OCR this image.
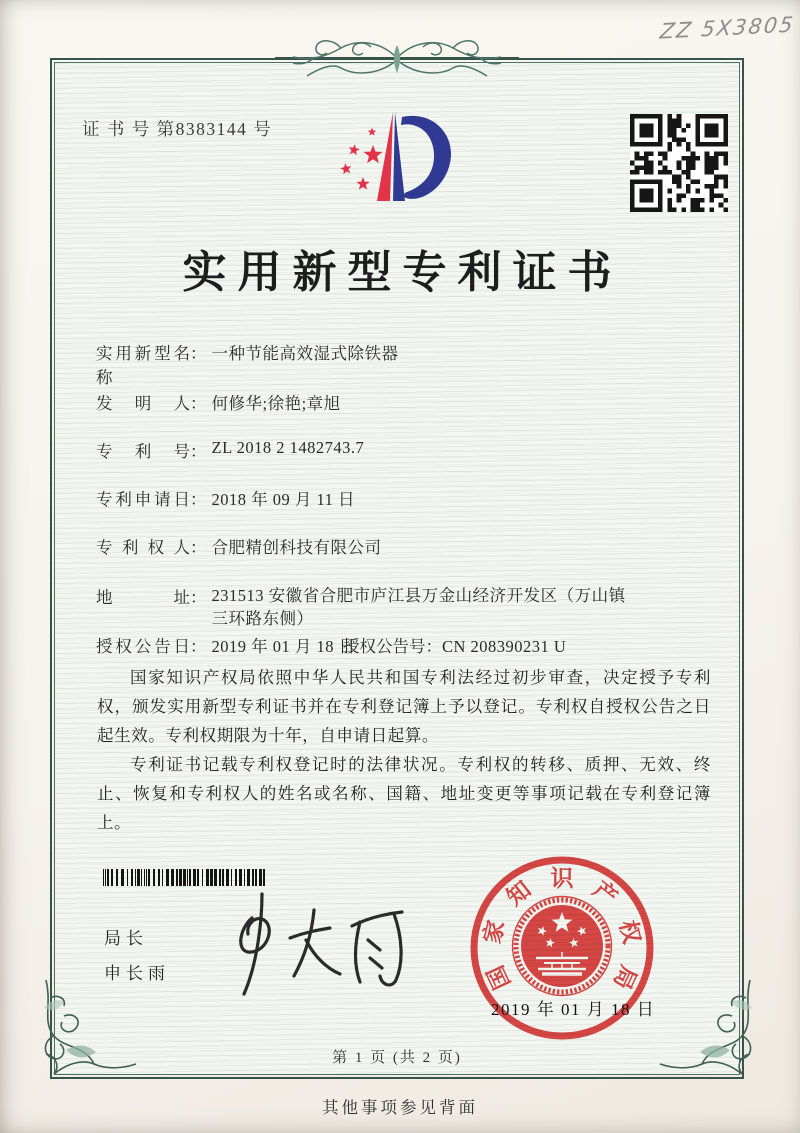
ZZ 5X3805
证 书 号 第8383144 号
实用新型专利证书
实用新型名称： 一种节能高效湿式除铁器
发明人： 何修华;徐艳;章旭
专利号： ZL 2018 2 1482743.7
专利申请日： 2018 年 09 月 11 日
专利权人： 合肥精创科技有限公司
地址： 231513 安徽省合肥市庐江县万金山经济开发区（万山镇
三环路东侧）
授权公告日： 2019 年 01 月 18 日
授权公告号：CN 208390231 U

国家知识产权局依照中华人民共和国专利法经过初步审查，决定授予专利权，颁发实用新型专利证书并在专利登记簿上予以登记。专利权自授权公告之日起生效。专利权期限为十年，自申请日起算。

专利证书记载专利权登记时的法律状况。专利权的转移、质押、无效、终止、恢复和专利权人的姓名或名称、国籍、地址变更等事项记载在专利登记簿上。

局长
申长雨	国
家
知 识 产
权
局
2019 年 01 月 18 日
第 1 页 (共 2 页)
其他事项参见背面
